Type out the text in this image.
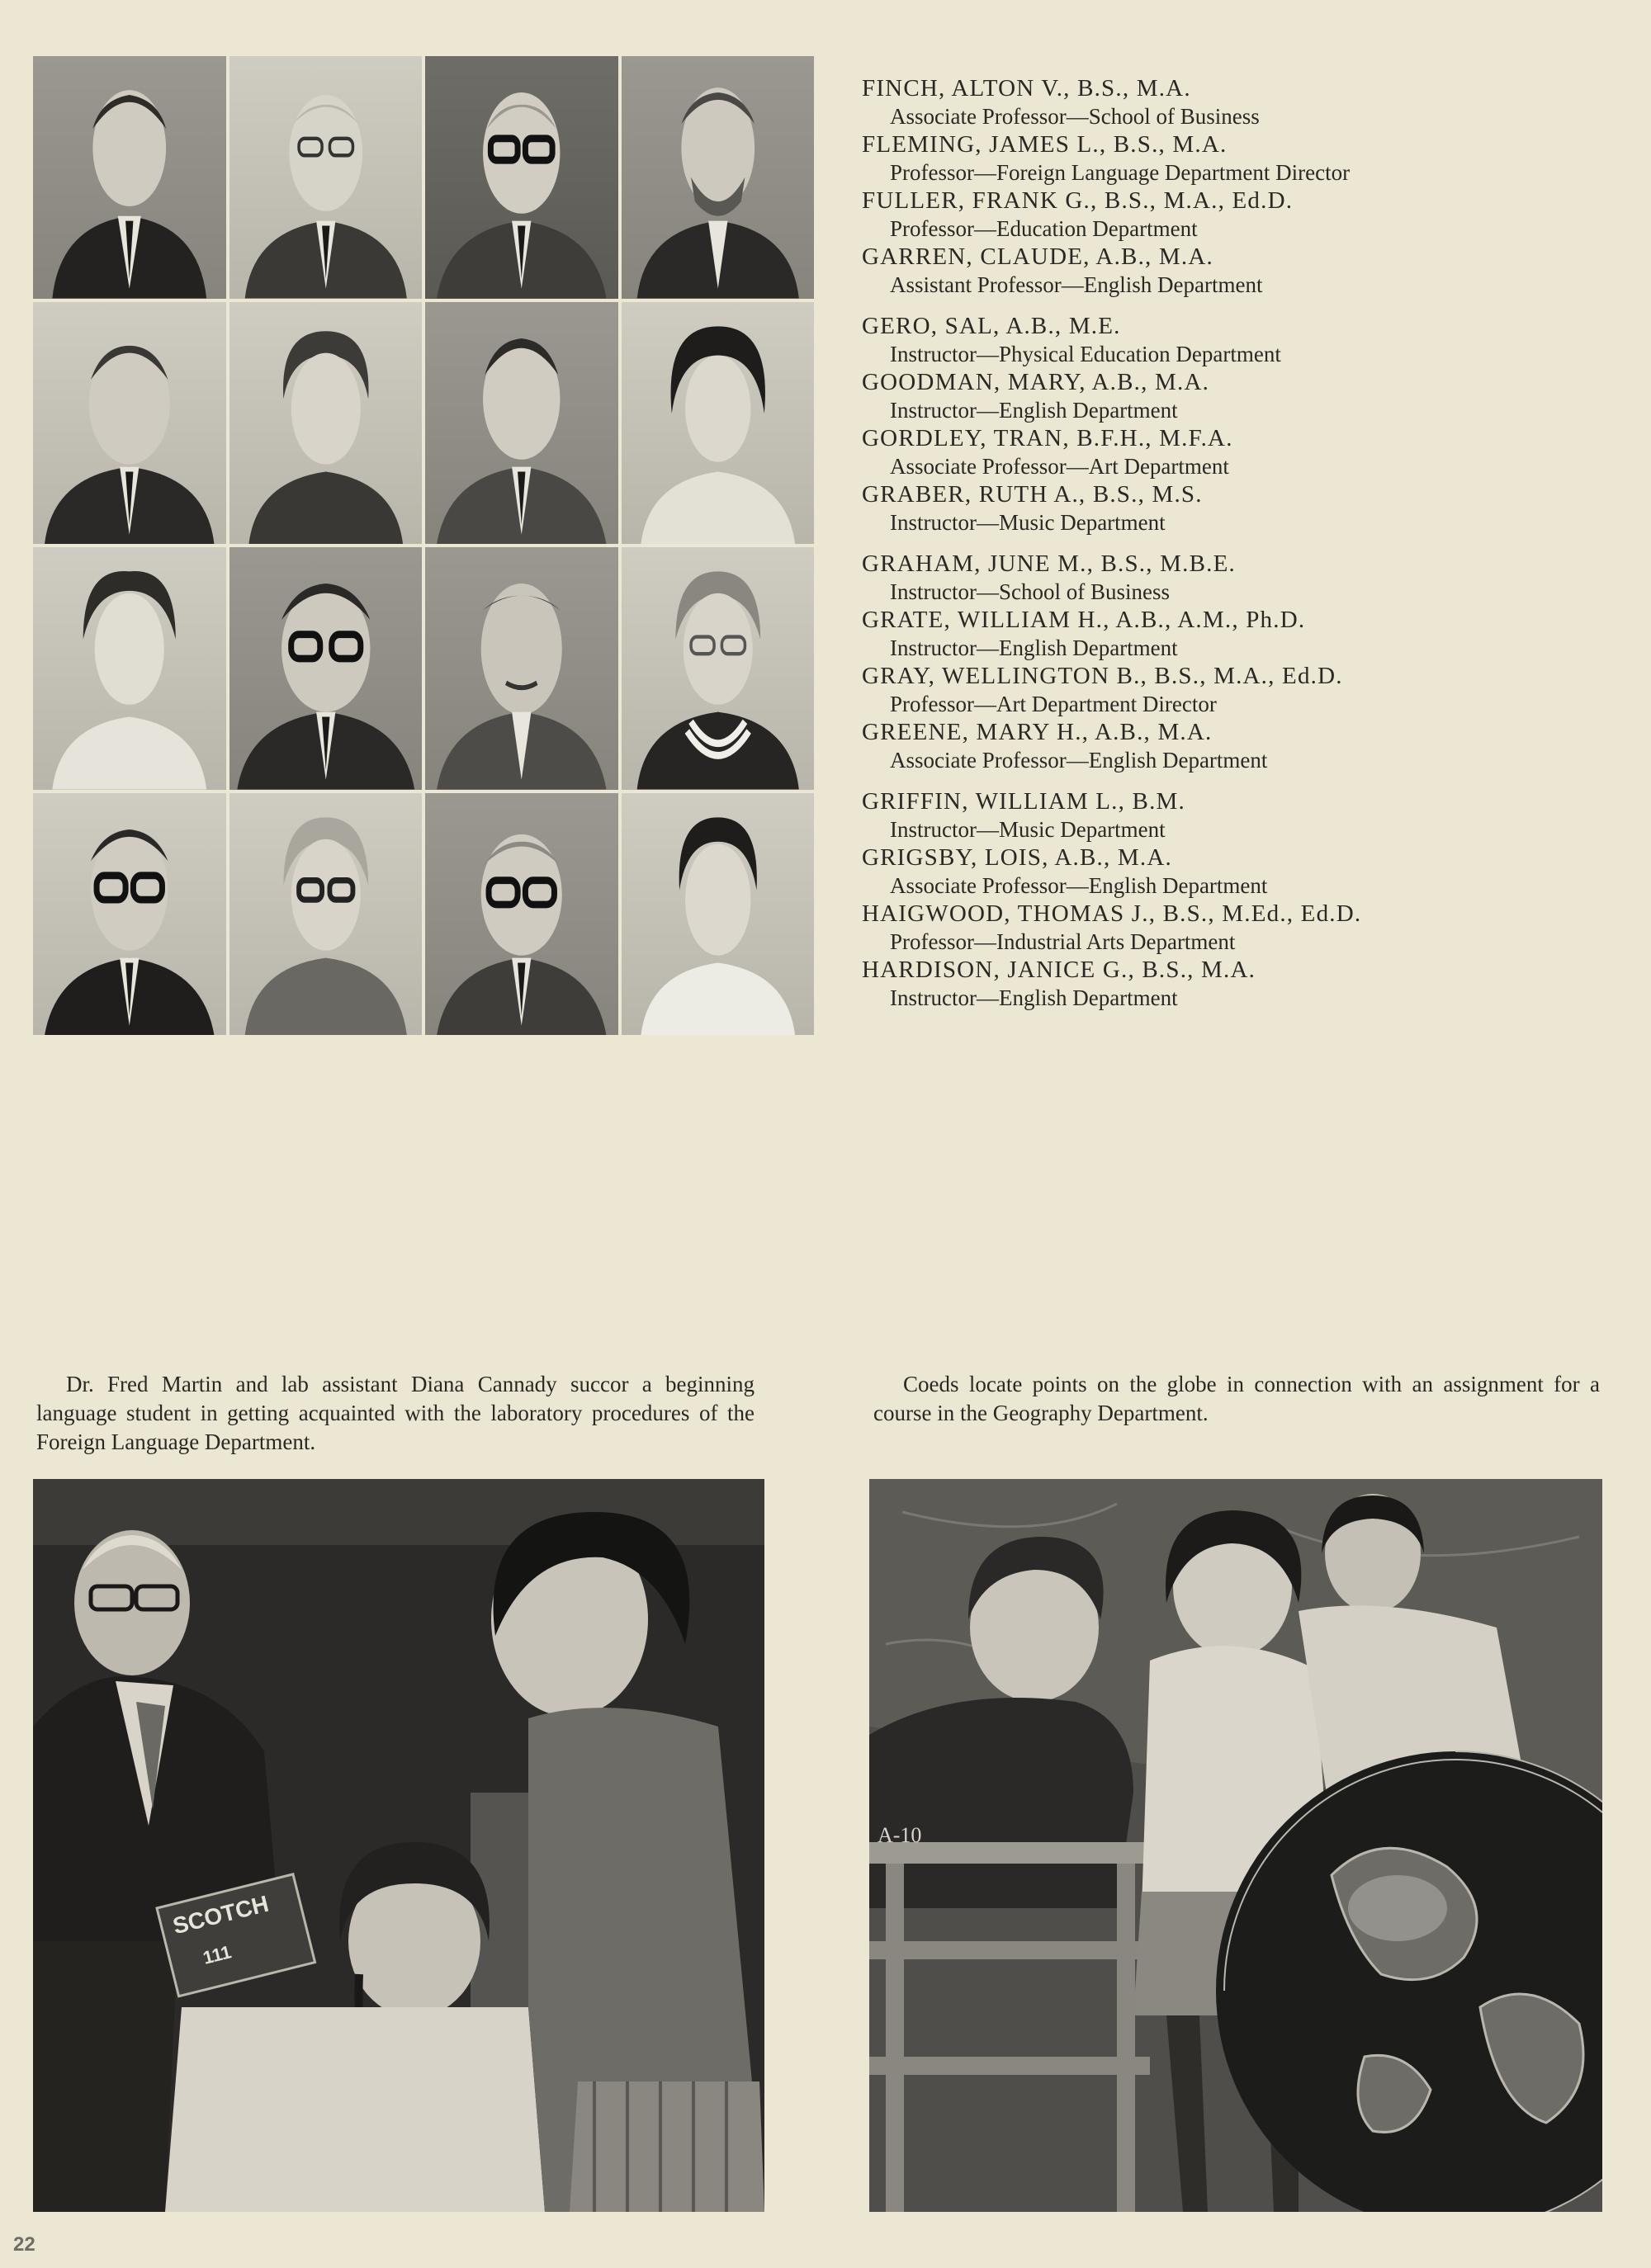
FINCH, ALTON V., B.S., M.A.
Associate Professor—School of Business
FLEMING, JAMES L., B.S., M.A.
Professor—Foreign Language Department Director
FULLER, FRANK G., B.S., M.A., Ed.D.
Professor—Education Department
GARREN, CLAUDE, A.B., M.A.
Assistant Professor—English Department
GERO, SAL, A.B., M.E.
Instructor—Physical Education Department
GOODMAN, MARY, A.B., M.A.
Instructor—English Department
GORDLEY, TRAN, B.F.H., M.F.A.
Associate Professor—Art Department
GRABER, RUTH A., B.S., M.S.
Instructor—Music Department
GRAHAM, JUNE M., B.S., M.B.E.
Instructor—School of Business
GRATE, WILLIAM H., A.B., A.M., Ph.D.
Instructor—English Department
GRAY, WELLINGTON B., B.S., M.A., Ed.D.
Professor—Art Department Director
GREENE, MARY H., A.B., M.A.
Associate Professor—English Department
GRIFFIN, WILLIAM L., B.M.
Instructor—Music Department
GRIGSBY, LOIS, A.B., M.A.
Associate Professor—English Department
HAIGWOOD, THOMAS J., B.S., M.Ed., Ed.D.
Professor—Industrial Arts Department
HARDISON, JANICE G., B.S., M.A.
Instructor—English Department
Dr. Fred Martin and lab assistant Diana Cannady succor a beginning language student in getting acquainted with the laboratory procedures of the Foreign Language Department.
Coeds locate points on the globe in connection with an assignment for a course in the Geography Department.
SCOTCH
111
A-10
22
